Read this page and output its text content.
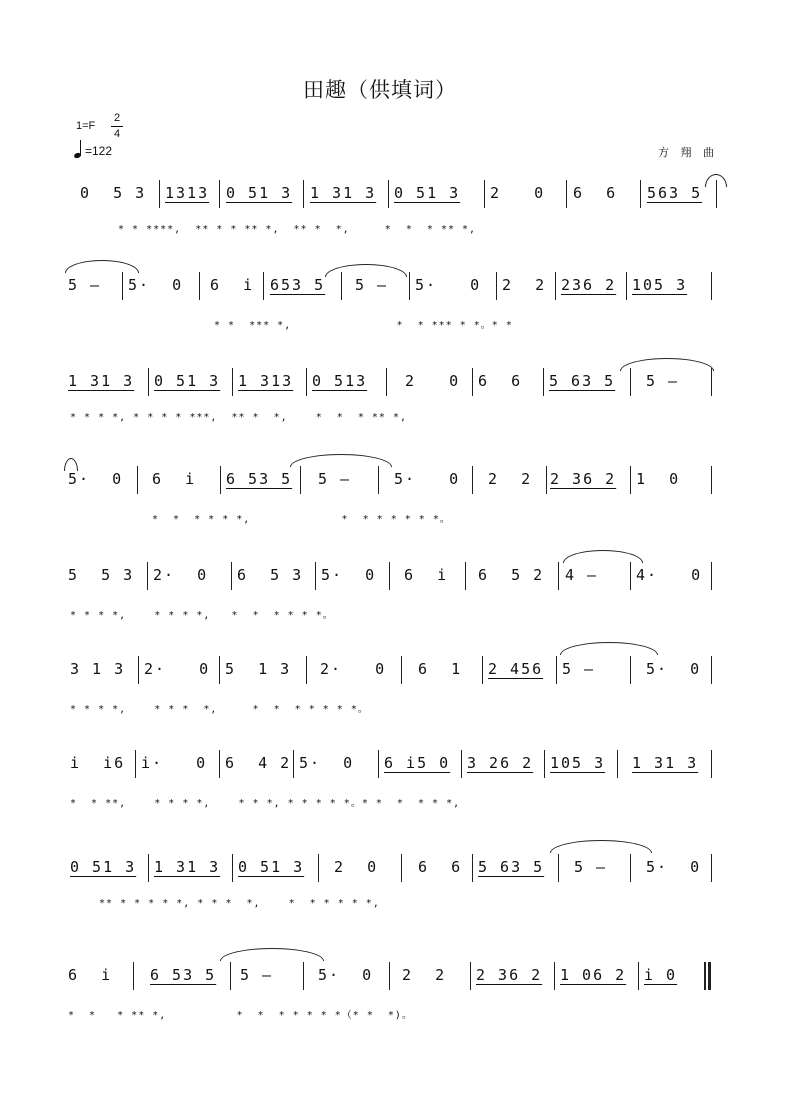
田趣（供填词）
1=F
2
4
=122	方 翔 曲
0  5 3 1313 0 51 3 1 31 3 0 51 3 2   0 6  6 563 5
* * ****,  ** * * ** *,  ** *  *,     *  *  * ** *,
5 – 5·  0 6  i 653 5 5 – 5·   0 2  2 236 2 105 3
* *  *** *,               *  * *** * *。* *
1 31 3 0 51 3 1 313 0 513	2   0 6  6 5 63 5 5 –
* * * *, * * * * ***,  ** *  *,    *  *  * ** *,
5·  0 6  i 6 53 5 5 –	5·   0 2  2 2 36 2 1  0
*  *  * * * *,             *  * * * * * *。
5  5 3 2·  0 6  5 3 5·  0 6  i 6  5 2 4 –	4·   0
* * * *,    * * * *,   *  *  * * * *。
3 1 3 2·   0 5  1 3 2·   0 6  1 2 456 5 –	5·  0
* * * *,    * * *  *,     *  *  * * * * *。
i  i6 i·   0 6  4 2 5·  0 6 i5 0 3 26 2 105 3 1 31 3
*  * **,    * * * *,    * * *, * * * * *。* *  *  * * *,
0 51 3 1 31 3 0 51 3 2  0	6  6 5 63 5 5 –	5·  0
** * * * * *, * * *  *,    *  * * * * *,
6  i	6 53 5 5 –	5·  0 2  2 2 36 2 1 06 2 i 0
*  *   * ** *,          *  *  * * * * *（* *  *)。
